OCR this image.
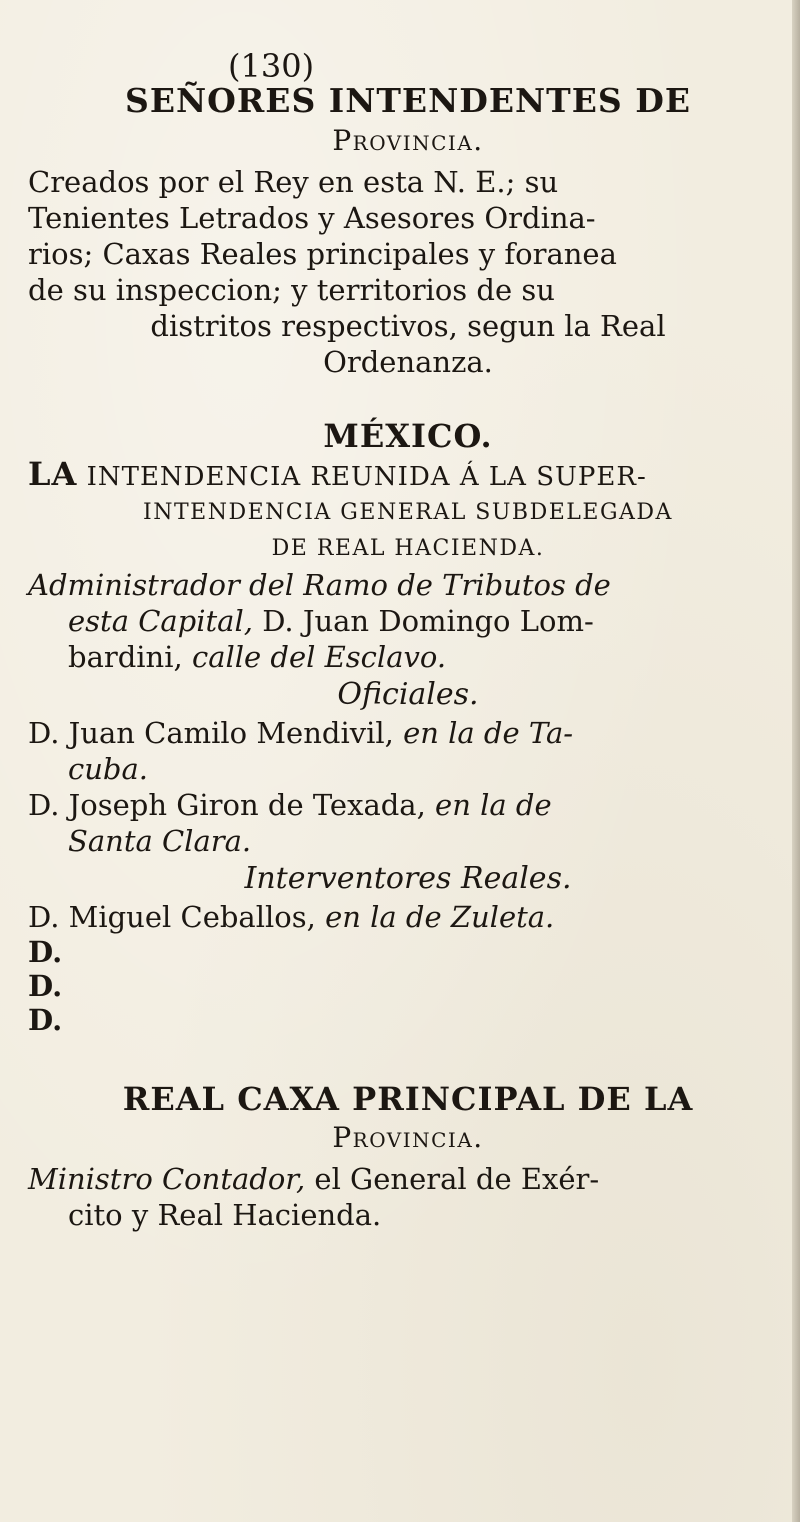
(130)
SEÑORES INTENDENTES DE
Provincia.

Creados por el Rey en esta N. E.; su
Tenientes Letrados y Asesores Ordina-
rios; Caxas Reales principales y foranea
de su inspeccion; y territorios de su

distritos respectivos, segun la Real
Ordenanza.

MÉXICO.
LA INTENDENCIA REUNIDA Á LA SUPER-
INTENDENCIA GENERAL SUBDELEGADA
DE REAL HACIENDA.

Administrador del Ramo de Tributos de
esta Capital, D. Juan Domingo Lom-
bardini, calle del Esclavo.

Oficiales.

D. Juan Camilo Mendivil, en la de Ta-
cuba.

D. Joseph Giron de Texada, en la de
Santa Clara.

Interventores Reales.

D. Miguel Ceballos, en la de Zuleta.

D.

D.

D.

REAL CAXA PRINCIPAL DE LA
Provincia.

Ministro Contador, el General de Exér-
cito y Real Hacienda.
